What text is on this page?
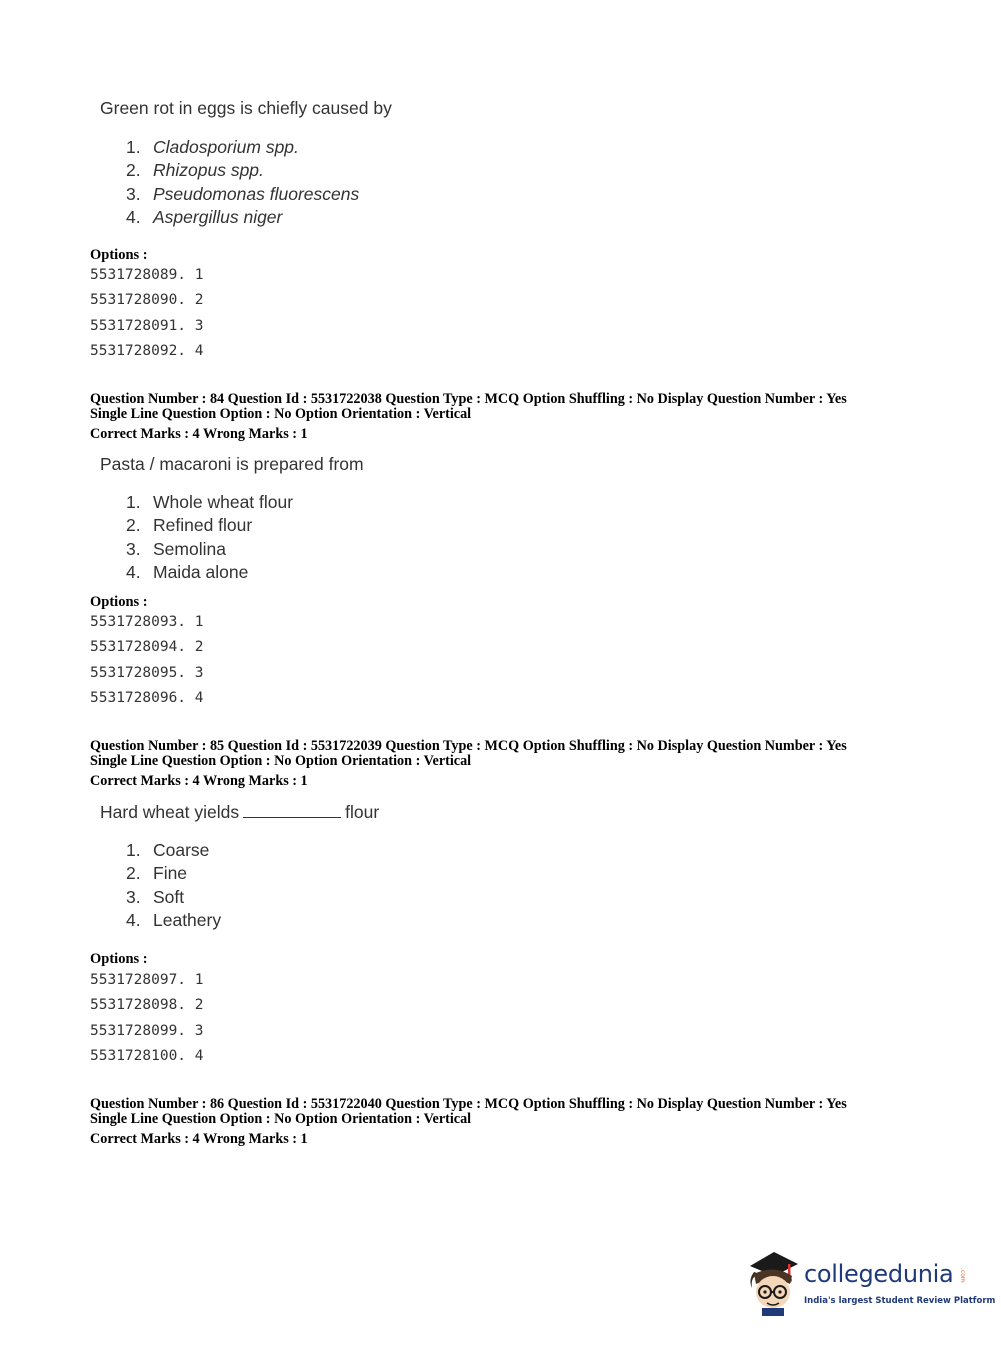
Green rot in eggs is chiefly caused by
1. Cladosporium spp.
2. Rhizopus spp.
3. Pseudomonas fluorescens
4. Aspergillus niger
Options :
5531728089. 1
5531728090. 2
5531728091. 3
5531728092. 4
Question Number : 84 Question Id : 5531722038 Question Type : MCQ Option Shuffling : No Display Question Number : Yes
Single Line Question Option : No Option Orientation : Vertical
Correct Marks : 4 Wrong Marks : 1
Pasta / macaroni is prepared from
1. Whole wheat flour
2. Refined flour
3. Semolina
4. Maida alone
Options :
5531728093. 1
5531728094. 2
5531728095. 3
5531728096. 4
Question Number : 85 Question Id : 5531722039 Question Type : MCQ Option Shuffling : No Display Question Number : Yes
Single Line Question Option : No Option Orientation : Vertical
Correct Marks : 4 Wrong Marks : 1
Hard wheat yields	flour
1. Coarse
2. Fine
3. Soft
4. Leathery
Options :
5531728097. 1
5531728098. 2
5531728099. 3
5531728100. 4
Question Number : 86 Question Id : 5531722040 Question Type : MCQ Option Shuffling : No Display Question Number : Yes
Single Line Question Option : No Option Orientation : Vertical
Correct Marks : 4 Wrong Marks : 1
collegedunia .com
India's largest Student Review Platform
